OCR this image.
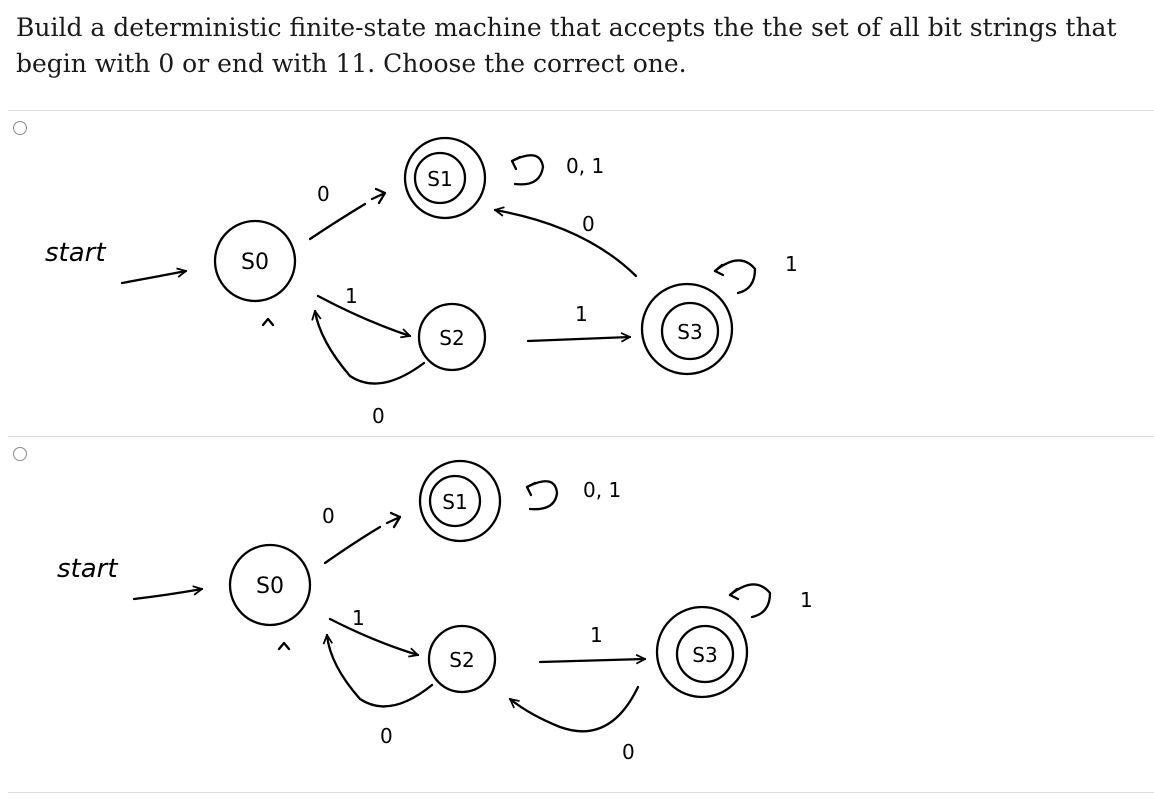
Build a deterministic finite-state machine that accepts the the set of all bit strings that begin with 0 or end with 11. Choose the correct one.

start	S0
0
S1
0, 1
1
0
S2
1
S3
1
0
start
S0
0
S1	0, 1
1
0
S2
1
S3
1
0
